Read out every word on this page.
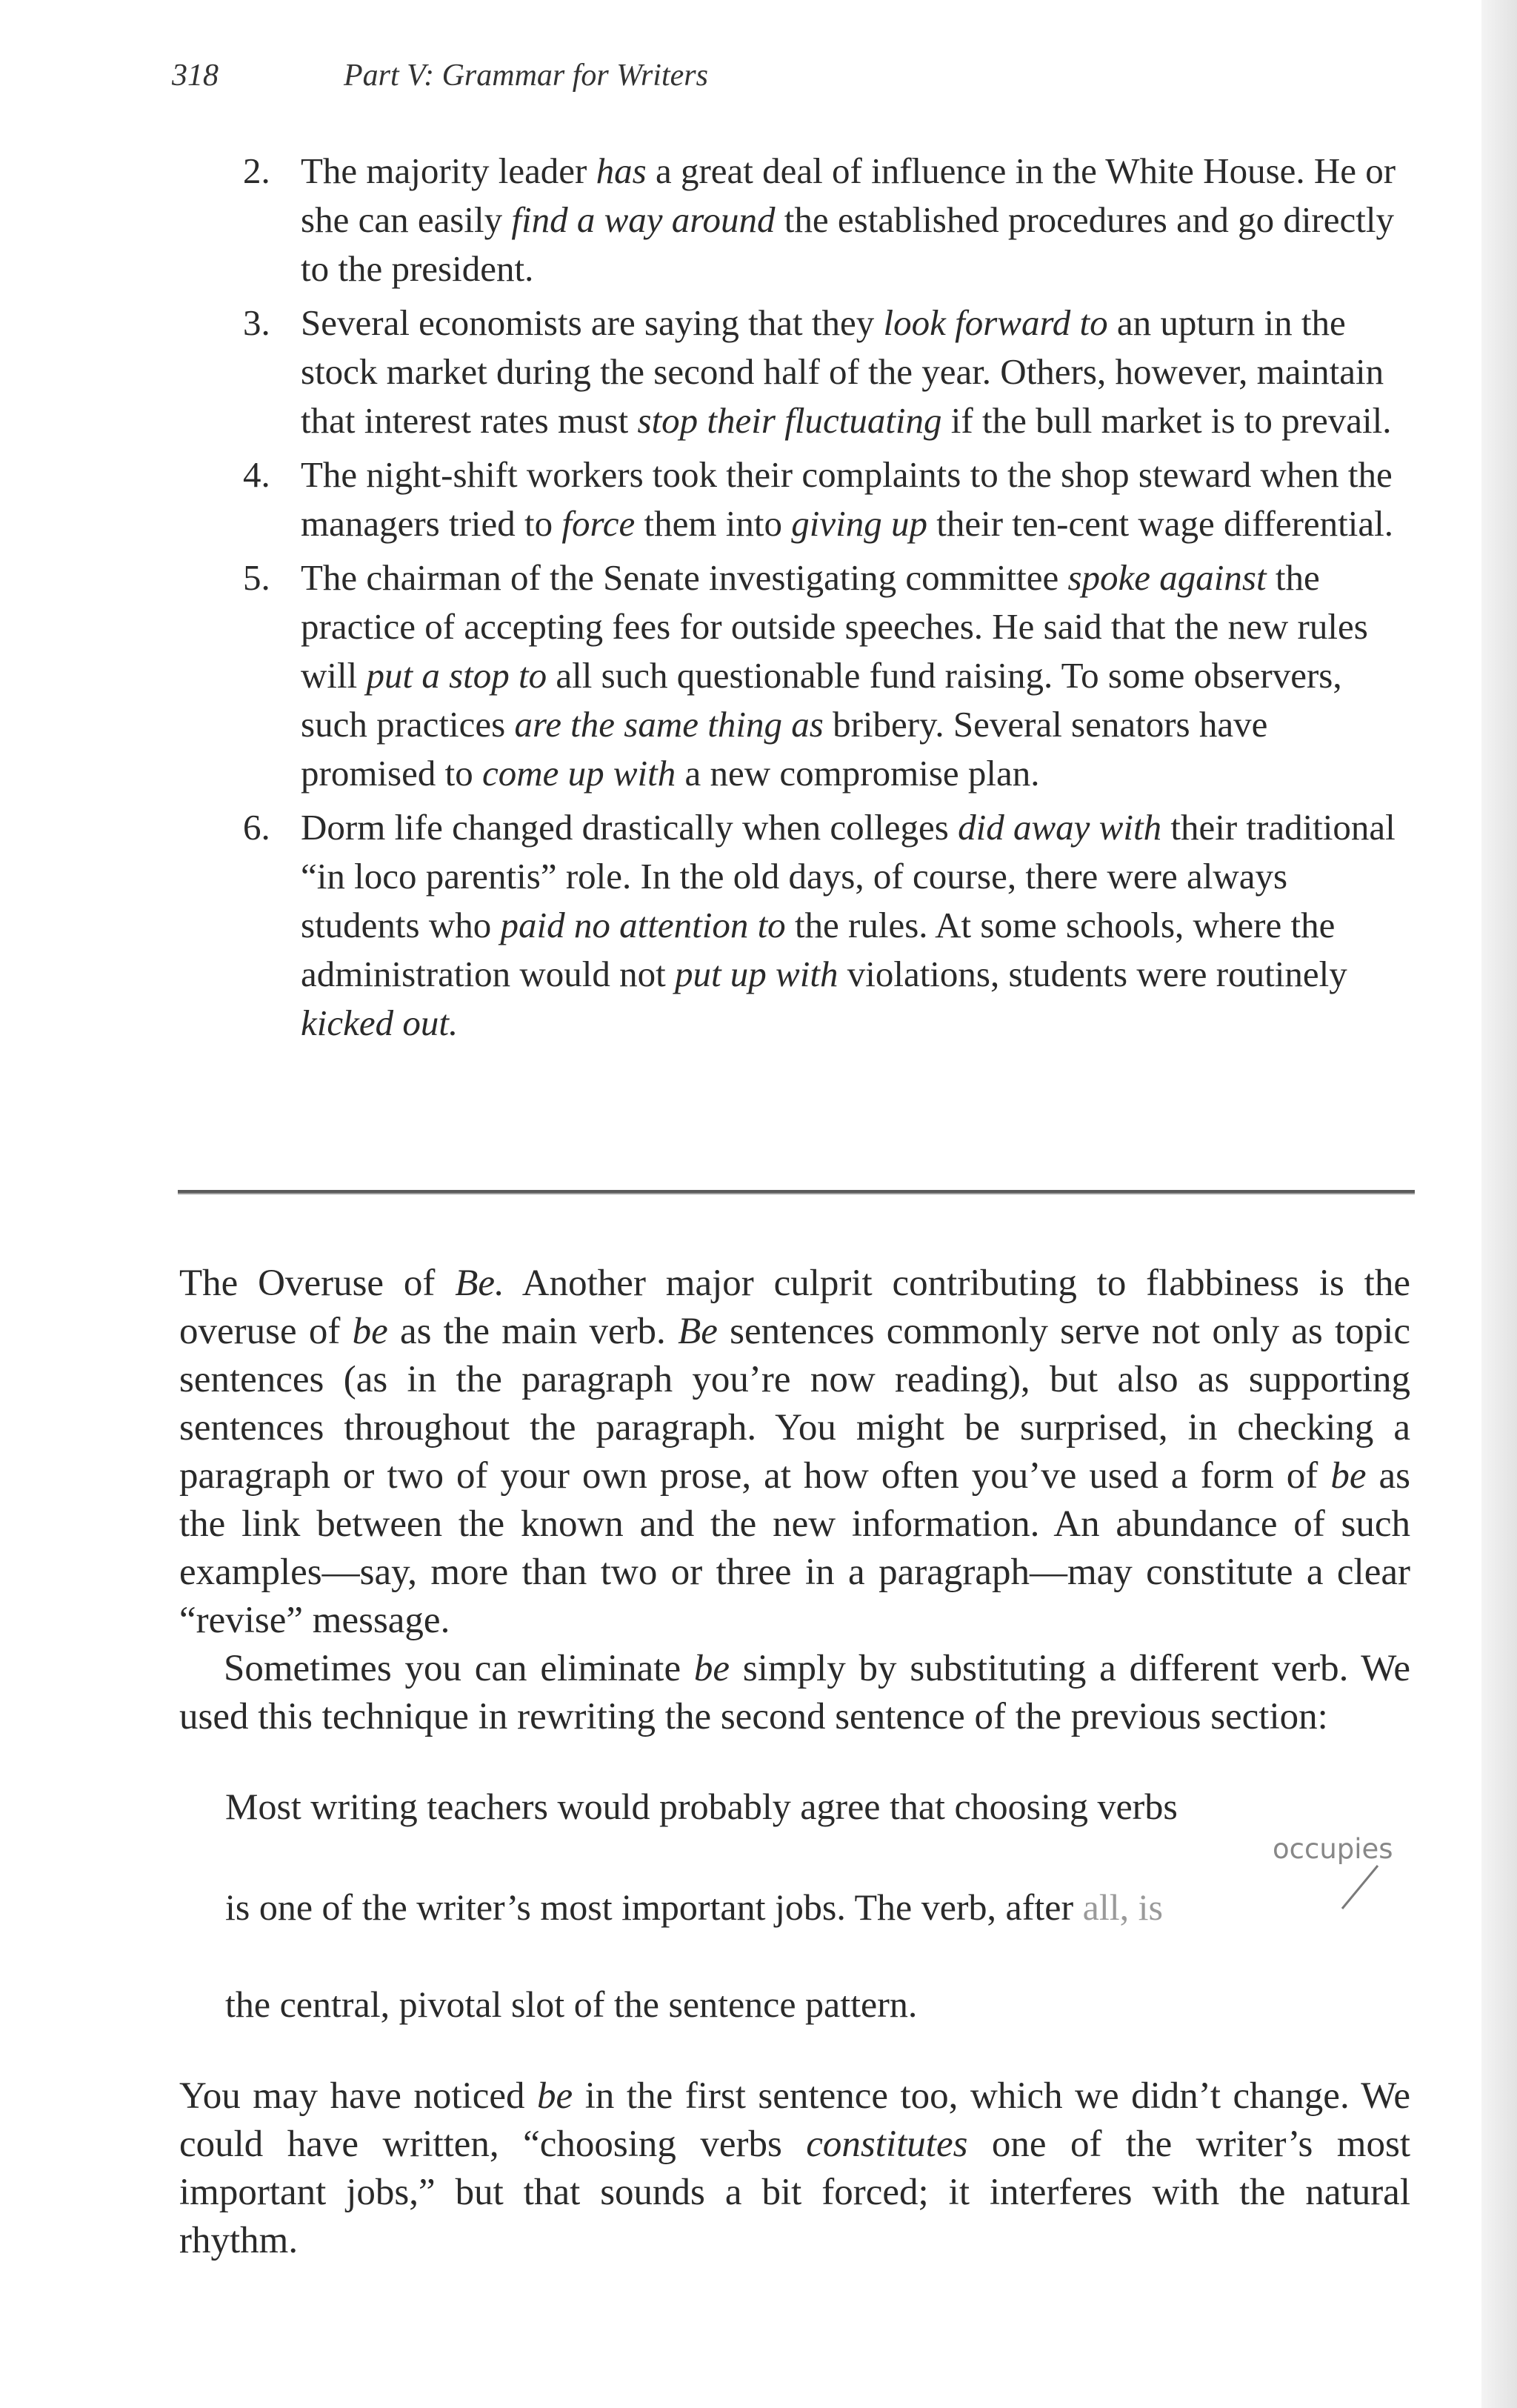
318	Part V: Grammar for Writers
2. The majority leader has a great deal of influence in the White House. He or she can easily find a way around the established procedures and go directly to the president.
3. Several economists are saying that they look forward to an upturn in the stock market during the second half of the year. Others, however, maintain that interest rates must stop their fluctuating if the bull market is to prevail.
4. The night-shift workers took their complaints to the shop steward when the managers tried to force them into giving up their ten-cent wage differential.
5. The chairman of the Senate investigating committee spoke against the practice of accepting fees for outside speeches. He said that the new rules will put a stop to all such questionable fund raising. To some observers, such practices are the same thing as bribery. Several senators have promised to come up with a new compromise plan.
6. Dorm life changed drastically when colleges did away with their traditional “in loco parentis” role. In the old days, of course, there were always students who paid no attention to the rules. At some schools, where the administration would not put up with violations, students were routinely kicked out.

The Overuse of Be. Another major culprit contributing to flabbiness is the overuse of be as the main verb. Be sentences commonly serve not only as topic sentences (as in the paragraph you’re now reading), but also as supporting sentences throughout the paragraph. You might be surprised, in checking a paragraph or two of your own prose, at how often you’ve used a form of be as the link between the known and the new information. An abundance of such examples—say, more than two or three in a paragraph—may constitute a clear “revise” message.

Sometimes you can eliminate be simply by substituting a different verb. We used this technique in rewriting the second sentence of the previous section:

Most writing teachers would probably agree that choosing verbs

occupies

is one of the writer’s most important jobs. The verb, after all, is

the central, pivotal slot of the sentence pattern.

You may have noticed be in the first sentence too, which we didn’t change. We could have written, “choosing verbs constitutes one of the writer’s most important jobs,” but that sounds a bit forced; it interferes with the natural rhythm.
